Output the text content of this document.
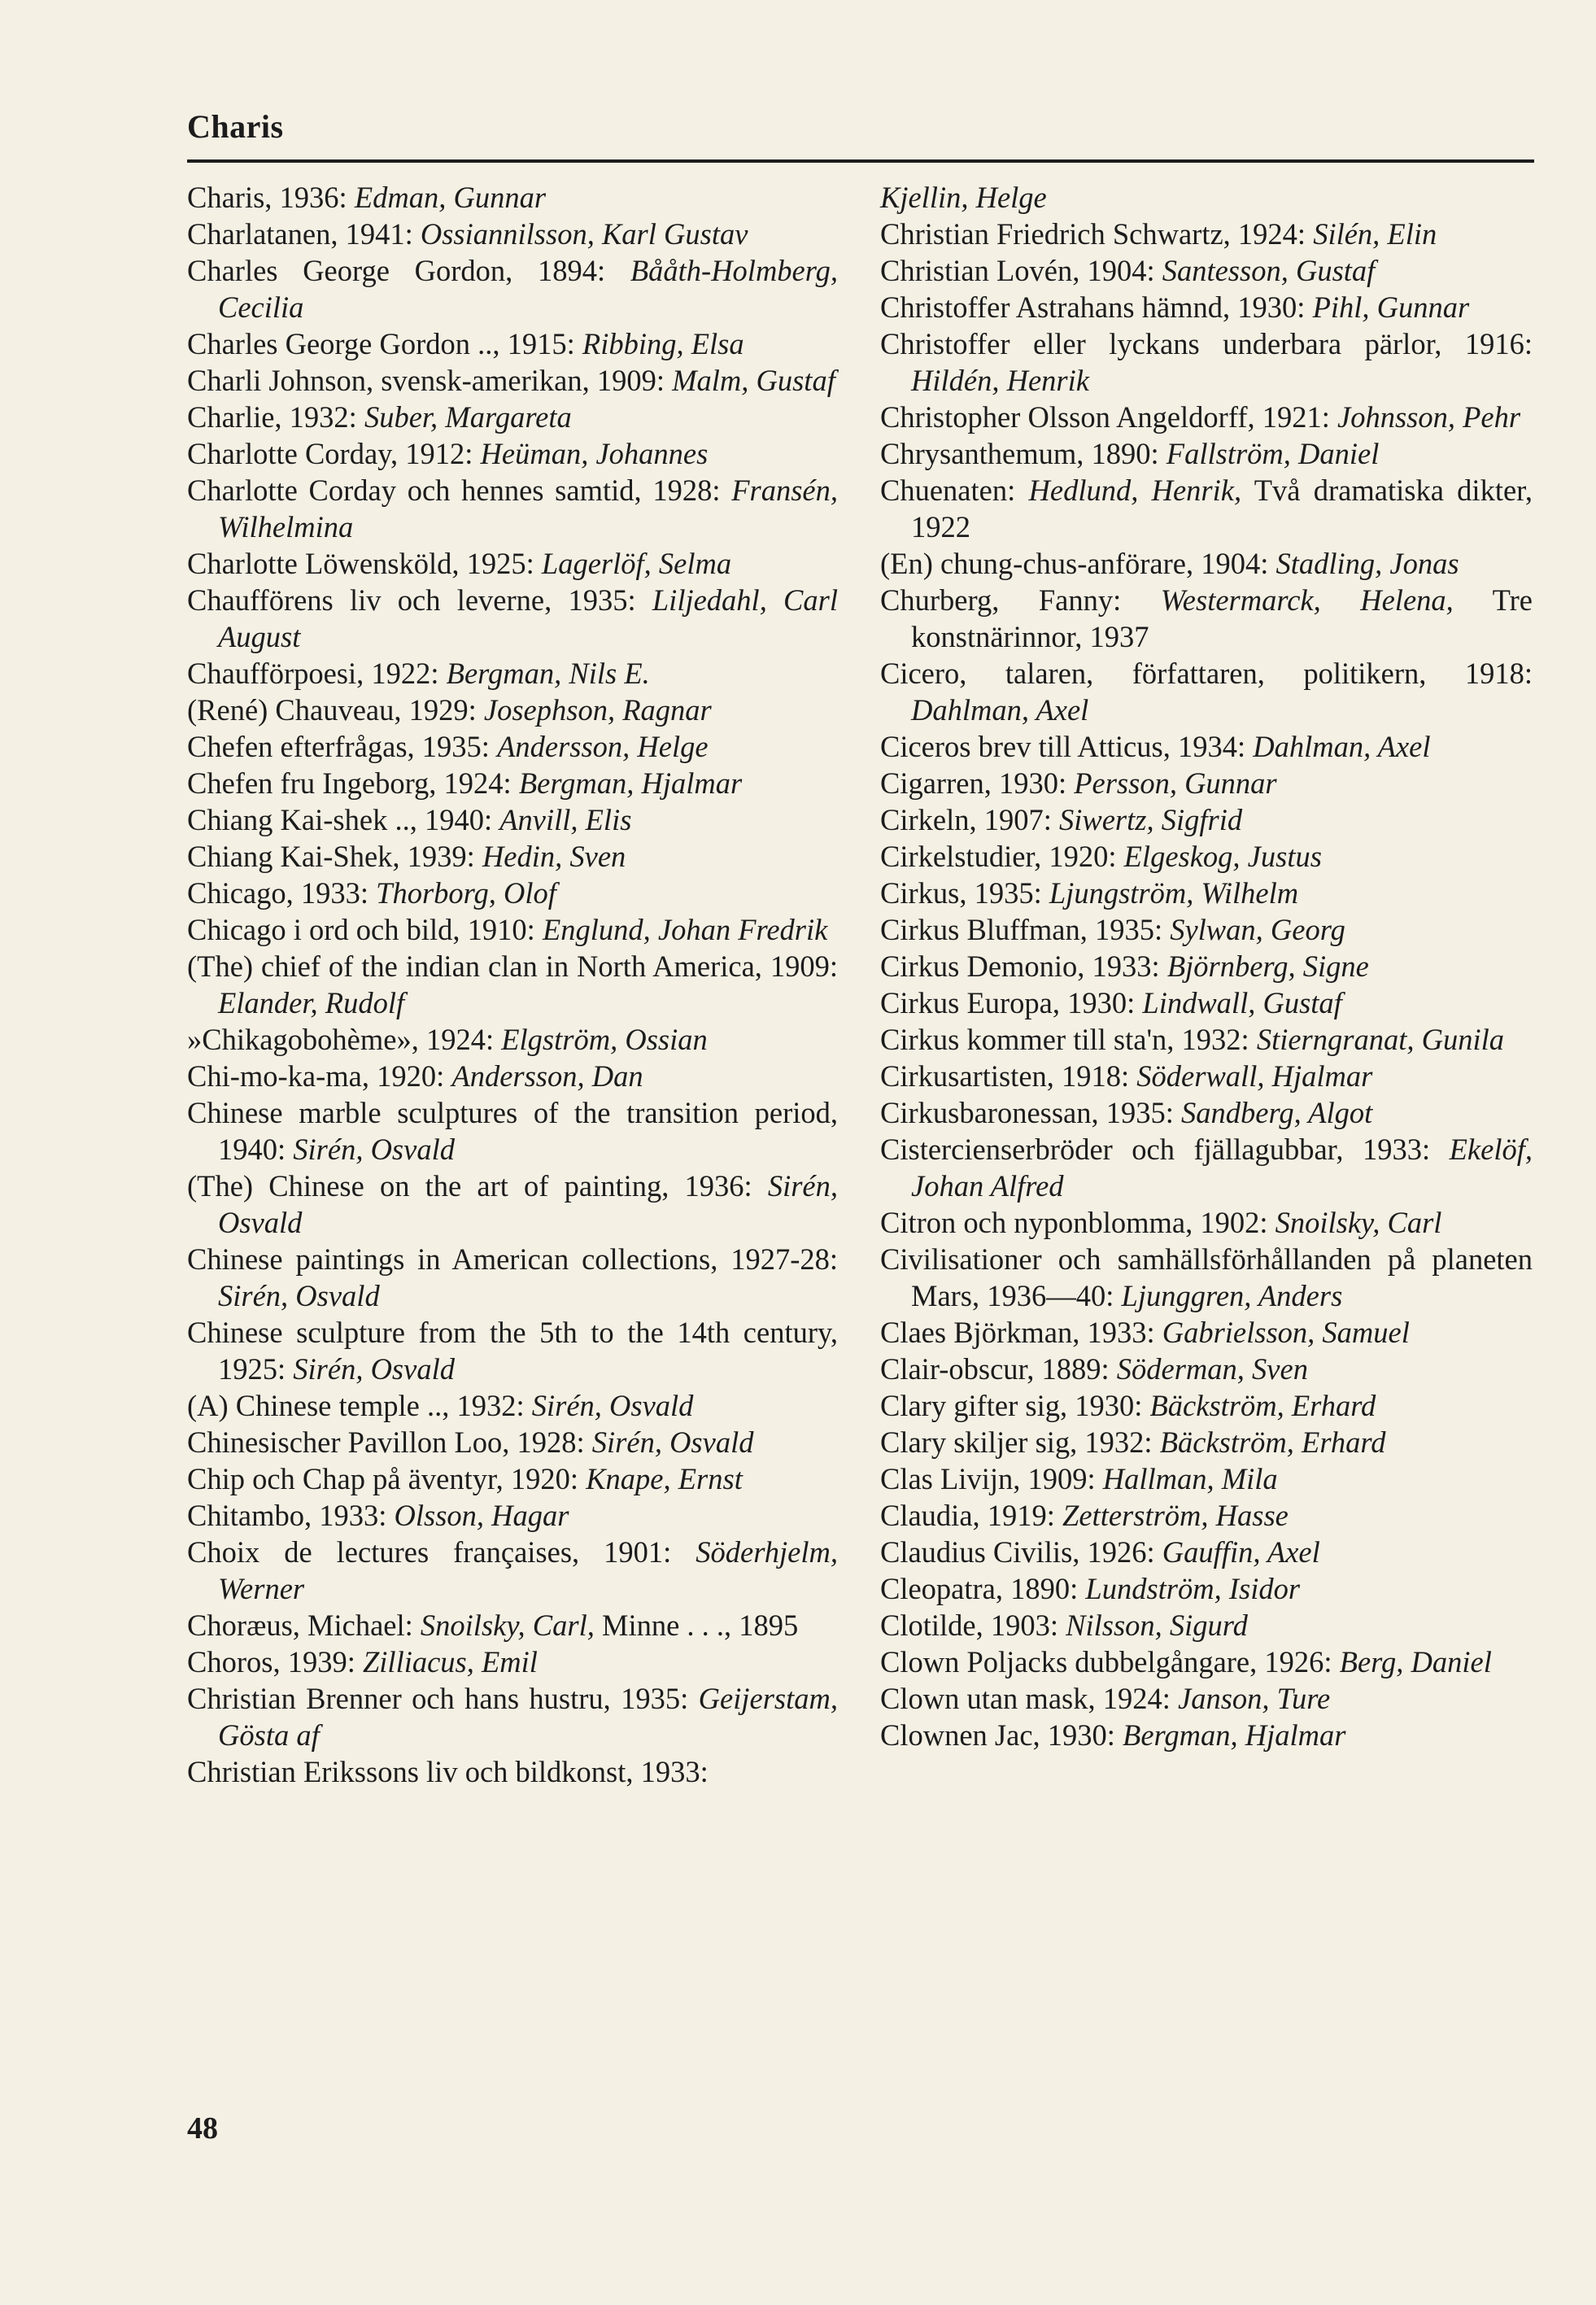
Charis

Charis, 1936: Edman, Gunnar

Charlatanen, 1941: Ossiannilsson, Karl Gustav

Charles George Gordon, 1894: Bååth-Holmberg, Cecilia

Charles George Gordon .., 1915: Ribbing, Elsa

Charli Johnson, svensk-amerikan, 1909: Malm, Gustaf

Charlie, 1932: Suber, Margareta

Charlotte Corday, 1912: Heüman, Johannes

Charlotte Corday och hennes samtid, 1928: Fransén, Wilhelmina

Charlotte Löwensköld, 1925: Lagerlöf, Selma

Chaufförens liv och leverne, 1935: Liljedahl, Carl August

Chaufförpoesi, 1922: Bergman, Nils E.

(René) Chauveau, 1929: Josephson, Ragnar

Chefen efterfrågas, 1935: Andersson, Helge

Chefen fru Ingeborg, 1924: Bergman, Hjalmar

Chiang Kai-shek .., 1940: Anvill, Elis

Chiang Kai-Shek, 1939: Hedin, Sven

Chicago, 1933: Thorborg, Olof

Chicago i ord och bild, 1910: Englund, Johan Fredrik

(The) chief of the indian clan in North America, 1909: Elander, Rudolf

»Chikagobohème», 1924: Elgström, Ossian

Chi-mo-ka-ma, 1920: Andersson, Dan

Chinese marble sculptures of the transition period, 1940: Sirén, Osvald

(The) Chinese on the art of painting, 1936: Sirén, Osvald

Chinese paintings in American collections, 1927-28: Sirén, Osvald

Chinese sculpture from the 5th to the 14th century, 1925: Sirén, Osvald

(A) Chinese temple .., 1932: Sirén, Osvald

Chinesischer Pavillon Loo, 1928: Sirén, Osvald

Chip och Chap på äventyr, 1920: Knape, Ernst

Chitambo, 1933: Olsson, Hagar

Choix de lectures françaises, 1901: Söderhjelm, Werner

Choræus, Michael: Snoilsky, Carl, Minne . . ., 1895

Choros, 1939: Zilliacus, Emil

Christian Brenner och hans hustru, 1935: Geijerstam, Gösta af

Christian Erikssons liv och bildkonst, 1933:

Kjellin, Helge

Christian Friedrich Schwartz, 1924: Silén, Elin

Christian Lovén, 1904: Santesson, Gustaf

Christoffer Astrahans hämnd, 1930: Pihl, Gunnar

Christoffer eller lyckans underbara pärlor, 1916: Hildén, Henrik

Christopher Olsson Angeldorff, 1921: Johnsson, Pehr

Chrysanthemum, 1890: Fallström, Daniel

Chuenaten: Hedlund, Henrik, Två dramatiska dikter, 1922

(En) chung-chus-anförare, 1904: Stadling, Jonas

Churberg, Fanny: Westermarck, Helena, Tre konstnärinnor, 1937

Cicero, talaren, författaren, politikern, 1918: Dahlman, Axel

Ciceros brev till Atticus, 1934: Dahlman, Axel

Cigarren, 1930: Persson, Gunnar

Cirkeln, 1907: Siwertz, Sigfrid

Cirkelstudier, 1920: Elgeskog, Justus

Cirkus, 1935: Ljungström, Wilhelm

Cirkus Bluffman, 1935: Sylwan, Georg

Cirkus Demonio, 1933: Björnberg, Signe

Cirkus Europa, 1930: Lindwall, Gustaf

Cirkus kommer till sta'n, 1932: Stierngranat, Gunila

Cirkusartisten, 1918: Söderwall, Hjalmar

Cirkusbaronessan, 1935: Sandberg, Algot

Cistercienserbröder och fjällagubbar, 1933: Ekelöf, Johan Alfred

Citron och nyponblomma, 1902: Snoilsky, Carl

Civilisationer och samhällsförhållanden på planeten Mars, 1936—40: Ljunggren, Anders

Claes Björkman, 1933: Gabrielsson, Samuel

Clair-obscur, 1889: Söderman, Sven

Clary gifter sig, 1930: Bäckström, Erhard

Clary skiljer sig, 1932: Bäckström, Erhard

Clas Livijn, 1909: Hallman, Mila

Claudia, 1919: Zetterström, Hasse

Claudius Civilis, 1926: Gauffin, Axel

Cleopatra, 1890: Lundström, Isidor

Clotilde, 1903: Nilsson, Sigurd

Clown Poljacks dubbelgångare, 1926: Berg, Daniel

Clown utan mask, 1924: Janson, Ture

Clownen Jac, 1930: Bergman, Hjalmar

48
